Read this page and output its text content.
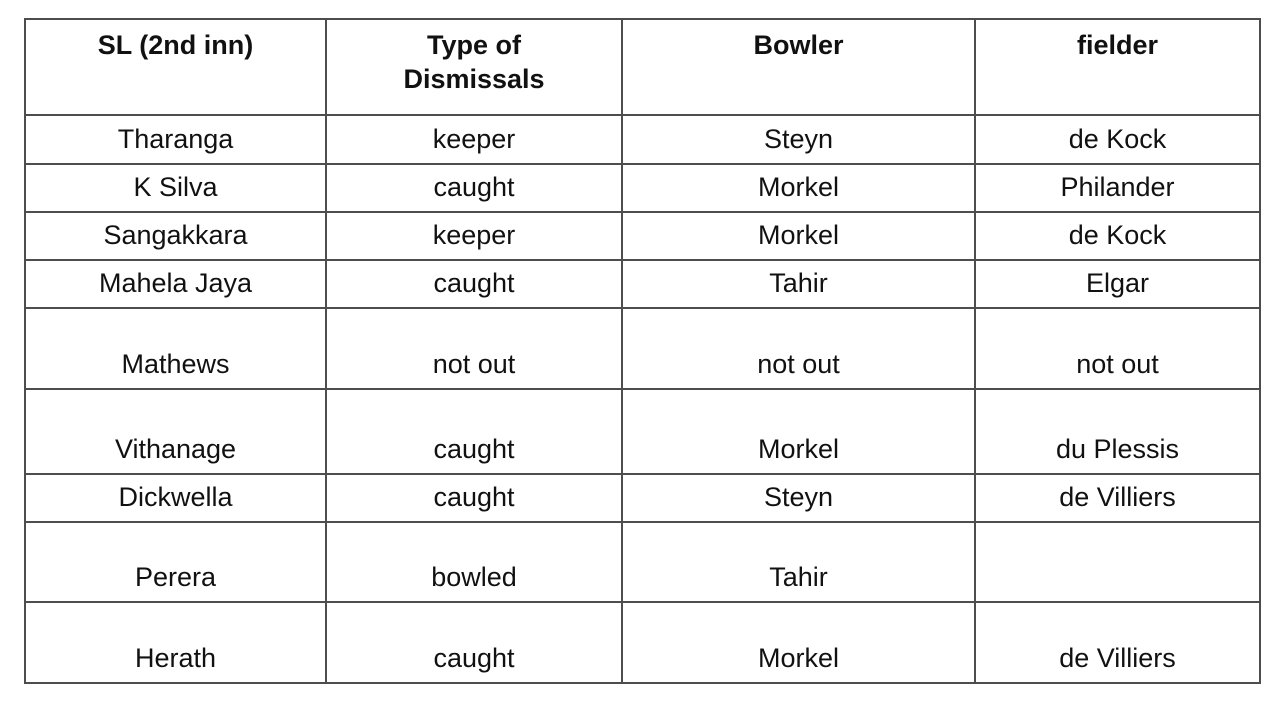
SL (2nd inn)	Type of Dismissals	Bowler	fielder
Tharanga	keeper	Steyn	de Kock
K Silva	caught	Morkel	Philander
Sangakkara	keeper	Morkel	de Kock
Mahela Jaya	caught	Tahir	Elgar
Mathews	not out	not out	not out
Vithanage	caught	Morkel	du Plessis
Dickwella	caught	Steyn	de Villiers
Perera	bowled	Tahir	
Herath	caught	Morkel	de Villiers
